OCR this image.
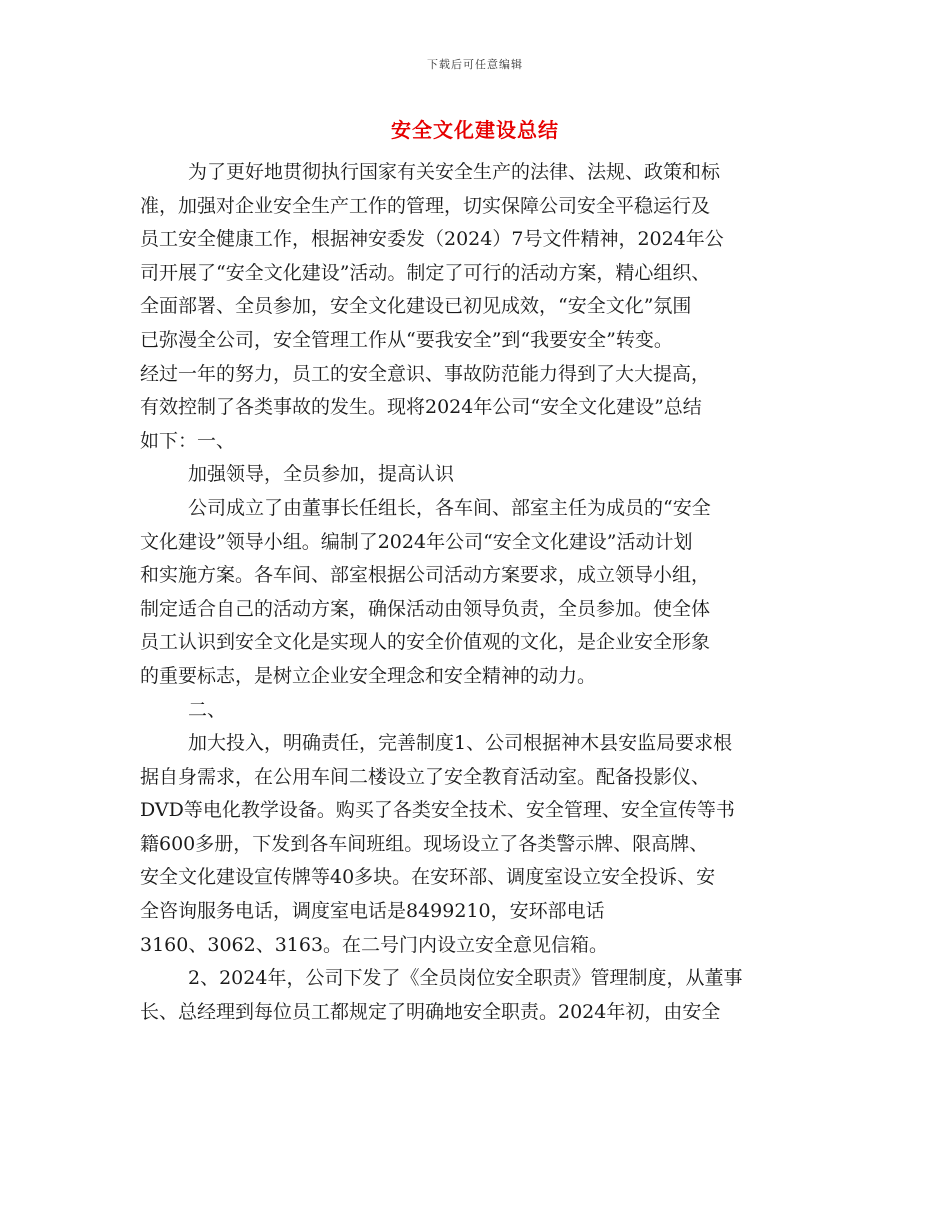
下载后可任意编辑
安全文化建设总结
为了更好地贯彻执行国家有关安全生产的法律、法规、政策和标
准，加强对企业安全生产工作的管理，切实保障公司安全平稳运行及
员工安全健康工作，根据神安委发（2024）7号文件精神，2024年公
司开展了“安全文化建设”活动。制定了可行的活动方案，精心组织、
全面部署、全员参加，安全文化建设已初见成效，“安全文化”氛围
已弥漫全公司，安全管理工作从“要我安全”到“我要安全”转变。
经过一年的努力，员工的安全意识、事故防范能力得到了大大提高，
有效控制了各类事故的发生。现将2024年公司“安全文化建设”总结
如下：一、
加强领导，全员参加，提高认识
公司成立了由董事长任组长，各车间、部室主任为成员的“安全
文化建设”领导小组。编制了2024年公司“安全文化建设”活动计划
和实施方案。各车间、部室根据公司活动方案要求，成立领导小组，
制定适合自己的活动方案，确保活动由领导负责，全员参加。使全体
员工认识到安全文化是实现人的安全价值观的文化，是企业安全形象
的重要标志，是树立企业安全理念和安全精神的动力。
二、
加大投入，明确责任，完善制度1、公司根据神木县安监局要求根
据自身需求，在公用车间二楼设立了安全教育活动室。配备投影仪、
DVD等电化教学设备。购买了各类安全技术、安全管理、安全宣传等书
籍600多册，下发到各车间班组。现场设立了各类警示牌、限高牌、
安全文化建设宣传牌等40多块。在安环部、调度室设立安全投诉、安
全咨询服务电话，调度室电话是8499210，安环部电话
3160、3062、3163。在二号门内设立安全意见信箱。
2、2024年，公司下发了《全员岗位安全职责》管理制度，从董事
长、总经理到每位员工都规定了明确地安全职责。2024年初，由安全
